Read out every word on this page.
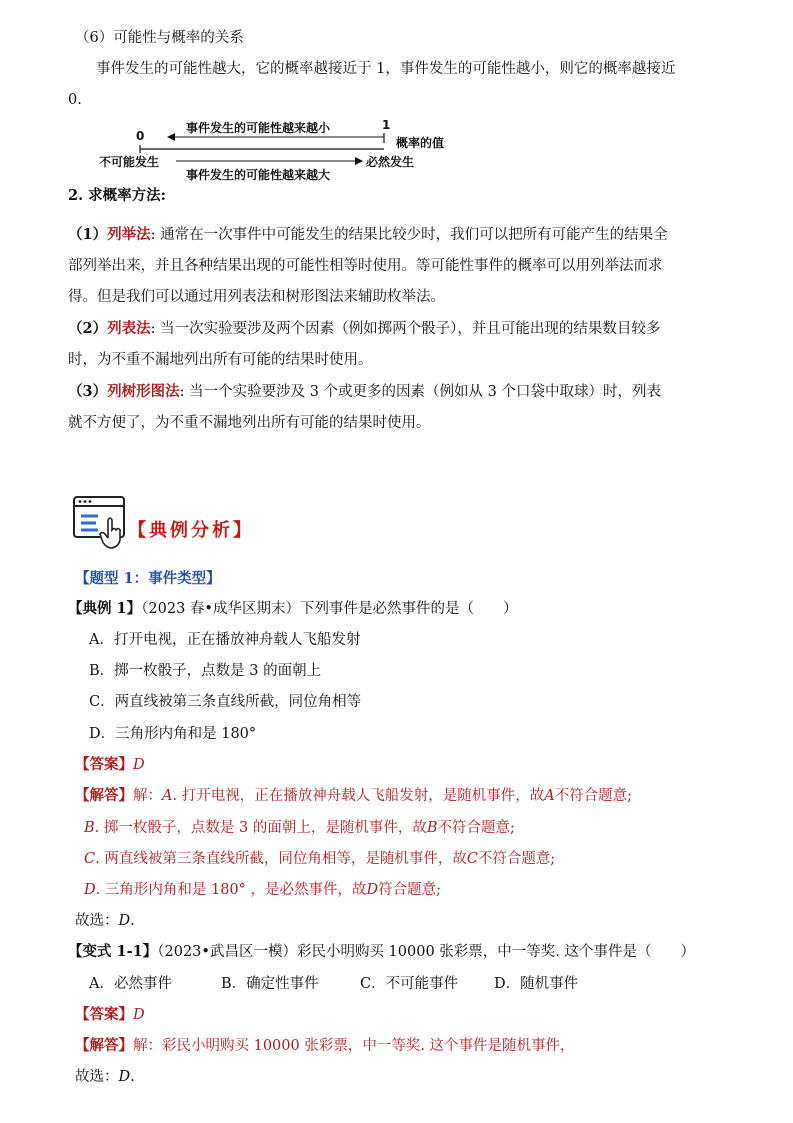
（6）可能性与概率的关系
事件发生的可能性越大，它的概率越接近于 1，事件发生的可能性越小，则它的概率越接近
0.
0
1
事件发生的可能性越来越小
概率的值
不可能发生	必然发生
事件发生的可能性越来越大
2. 求概率方法:
（1）列举法: 通常在一次事件中可能发生的结果比较少时，我们可以把所有可能产生的结果全
部列举出来，并且各种结果出现的可能性相等时使用。等可能性事件的概率可以用列举法而求
得。但是我们可以通过用列表法和树形图法来辅助枚举法。
（2）列表法: 当一次实验要涉及两个因素（例如掷两个骰子），并且可能出现的结果数目较多
时，为不重不漏地列出所有可能的结果时使用。
（3）列树形图法: 当一个实验要涉及 3 个或更多的因素（例如从 3 个口袋中取球）时，列表
就不方便了，为不重不漏地列出所有可能的结果时使用。
【典例分析】
【题型 1：事件类型】
【典例 1】（2023 春•成华区期末）下列事件是必然事件的是（　　）
A．打开电视，正在播放神舟载人飞船发射
B．掷一枚骰子，点数是 3 的面朝上
C．两直线被第三条直线所截，同位角相等
D．三角形内角和是 180°
【答案】D
【解答】解：A. 打开电视，正在播放神舟载人飞船发射，是随机事件，故A不符合题意;
B. 掷一枚骰子，点数是 3 的面朝上，是随机事件，故B不符合题意;
C. 两直线被第三条直线所截，同位角相等，是随机事件，故C不符合题意;
D. 三角形内角和是 180° ，是必然事件，故D符合题意;
故选：D.
【变式 1-1】（2023•武昌区一模）彩民小明购买 10000 张彩票，中一等奖. 这个事件是（　　）
A．必然事件	B．确定性事件	C．不可能事件 D．随机事件
【答案】D
【解答】解：彩民小明购买 10000 张彩票，中一等奖. 这个事件是随机事件，
故选：D.
